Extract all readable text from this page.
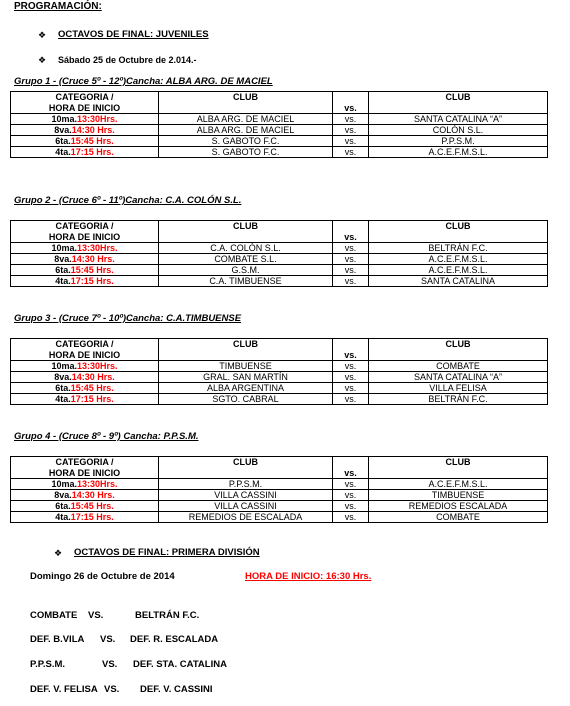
PROGRAMACIÓN:
❖ OCTAVOS DE FINAL: JUVENILES
❖ Sábado 25 de Octubre de 2.014.-
Grupo 1 - (Cruce 5º - 12º)Cancha: ALBA ARG. DE MACIEL
CATEGORIA /	CLUB		CLUB
HORA DE INICIO		vs.	
10ma.13:30Hrs.	ALBA ARG. DE MACIEL	vs.	SANTA CATALINA “A”
8va.14:30 Hrs.	ALBA ARG. DE MACIEL	vs.	COLÓN S.L.
6ta.15:45 Hrs.	S. GABOTO F.C.	vs.	P.P.S.M.
4ta.17:15 Hrs.	S. GABOTO F.C.	vs.	A.C.E.F.M.S.L.
Grupo 2 - (Cruce 6º - 11º)Cancha: C.A. COLÓN S.L.
CATEGORIA /	CLUB		CLUB
HORA DE INICIO		vs.	
10ma.13:30Hrs.	C.A. COLÓN S.L.	vs.	BELTRÁN F.C.
8va.14:30 Hrs.	COMBATE S.L.	vs.	A.C.E.F.M.S.L.
6ta.15:45 Hrs.	G.S.M.	vs.	A.C.E.F.M.S.L.
4ta.17:15 Hrs.	C.A. TIMBUENSE	vs.	SANTA CATALINA
Grupo 3 - (Cruce 7º - 10º)Cancha: C.A.TIMBUENSE
CATEGORIA /	CLUB		CLUB
HORA DE INICIO		vs.	
10ma.13:30Hrs.	TIMBUENSE	vs.	COMBATE
8va.14:30 Hrs.	GRAL. SAN MARTÍN	vs.	SANTA CATALINA “A”
6ta.15:45 Hrs.	ALBA ARGENTINA	vs.	VILLA FELISA
4ta.17:15 Hrs.	SGTO. CABRAL	vs.	BELTRÁN F.C.
Grupo 4 - (Cruce 8º - 9º) Cancha: P.P.S.M.
CATEGORIA /	CLUB		CLUB
HORA DE INICIO		vs.	
10ma.13:30Hrs.	P.P.S.M.	vs.	A.C.E.F.M.S.L.
8va.14:30 Hrs.	VILLA CASSINI	vs.	TIMBUENSE
6ta.15:45 Hrs.	VILLA CASSINI	vs.	REMEDIOS ESCALADA
4ta.17:15 Hrs.	REMEDIOS DE ESCALADA	vs.	COMBATE
❖ OCTAVOS DE FINAL: PRIMERA DIVISIÓN
Domingo 26 de Octubre de 2014	HORA DE INICIO: 16:30 Hrs.
COMBATE VS.	BELTRÁN F.C.
DEF. B.VILA VS. DEF. R. ESCALADA
P.P.S.M.	VS. DEF. STA. CATALINA
DEF. V. FELISA VS. DEF. V. CASSINI
